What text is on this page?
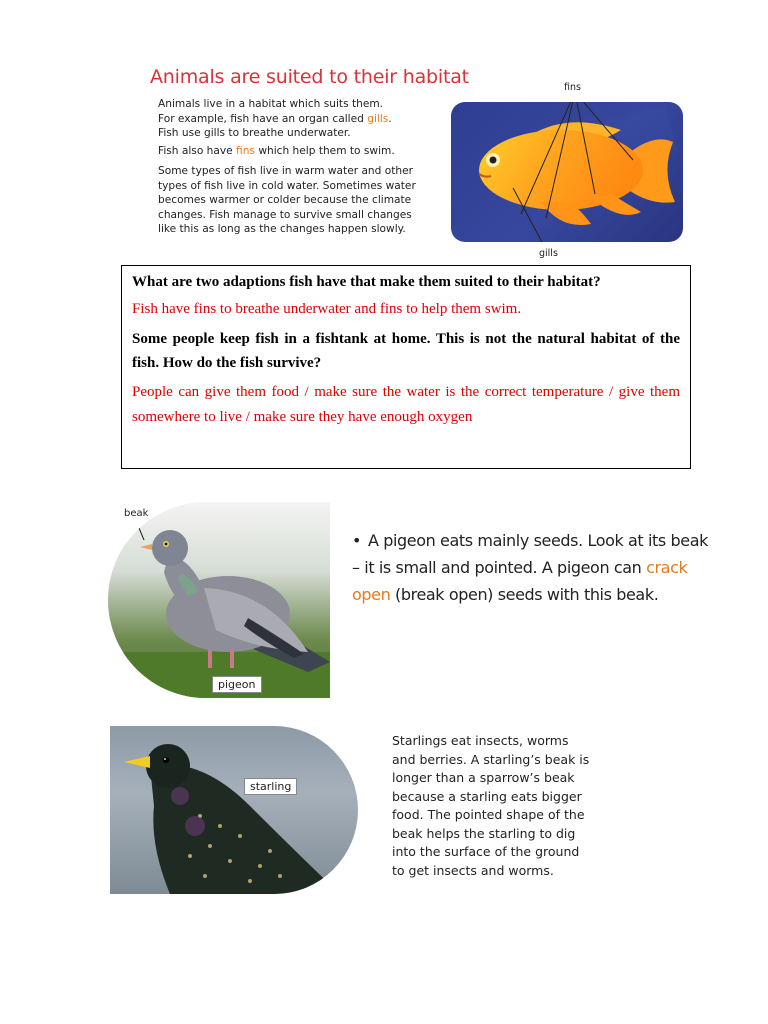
Animals are suited to their habitat
Animals live in a habitat which suits them.
For example, fish have an organ called gills.
Fish use gills to breathe underwater.
Fish also have fins which help them to swim.
Some types of fish live in warm water and other
types of fish live in cold water. Sometimes water
becomes warmer or colder because the climate
changes. Fish manage to survive small changes
like this as long as the changes happen slowly.
fins
gills
What are two adaptions fish have that make them suited to their habitat?
Fish have fins to breathe underwater and fins to help them swim.
Some people keep fish in a fishtank at home. This is not the natural habitat of the fish. How do the fish survive?
People can give them food / make sure the water is the correct temperature / give them somewhere to live / make sure they have enough oxygen
beak
pigeon
• A pigeon eats mainly seeds. Look at its beak – it is small and pointed. A pigeon can crack open (break open) seeds with this beak.
starling
Starlings eat insects, worms
and berries. A starling’s beak is
longer than a sparrow’s beak
because a starling eats bigger
food. The pointed shape of the
beak helps the starling to dig
into the surface of the ground
to get insects and worms.
